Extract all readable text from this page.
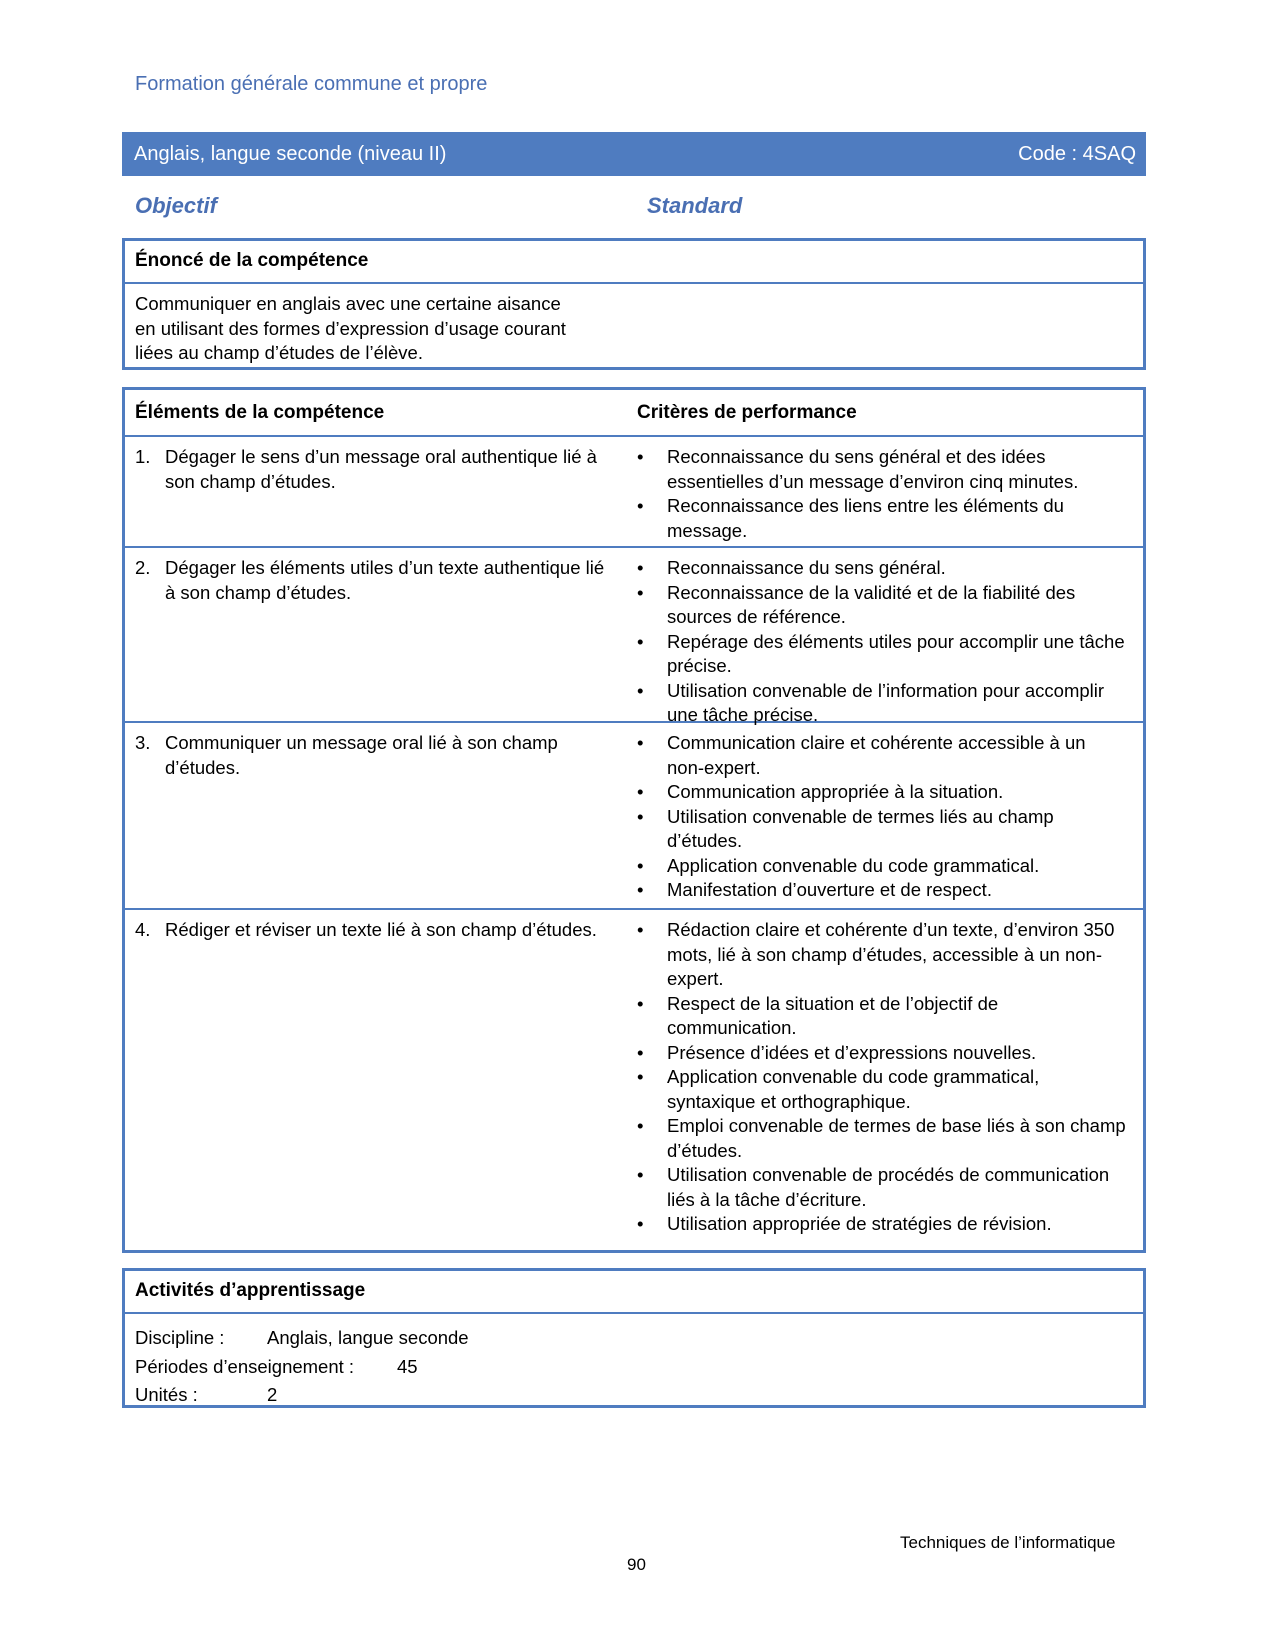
Formation générale commune et propre
Anglais, langue seconde (niveau II)	Code : 4SAQ
Objectif	Standard
Énoncé de la compétence
Communiquer en anglais avec une certaine aisance
en utilisant des formes d’expression d’usage courant
liées au champ d’études de l’élève.
Éléments de la compétence	Critères de performance
1. Dégager le sens d’un message oral authentique lié à son champ d’études.
•	Reconnaissance du sens général et des idées essentielles d’un message d’environ cinq minutes.
•	Reconnaissance des liens entre les éléments du message.
2. Dégager les éléments utiles d’un texte authentique lié à son champ d’études.
•	Reconnaissance du sens général.
•	Reconnaissance de la validité et de la fiabilité des sources de référence.
•	Repérage des éléments utiles pour accomplir une tâche précise.
•	Utilisation convenable de l’information pour accomplir une tâche précise.
3. Communiquer un message oral lié à son champ d’études.
•	Communication claire et cohérente accessible à un non-expert.
•	Communication appropriée à la situation.
•	Utilisation convenable de termes liés au champ d’études.
•	Application convenable du code grammatical.
•	Manifestation d’ouverture et de respect.
4. Rédiger et réviser un texte lié à son champ d’études.	•	Rédaction claire et cohérente d’un texte, d’environ 350 mots, lié à son champ d’études, accessible à un non-expert.
•	Respect de la situation et de l’objectif de communication.
•	Présence d’idées et d’expressions nouvelles.
•	Application convenable du code grammatical, syntaxique et orthographique.
•	Emploi convenable de termes de base liés à son champ d’études.
•	Utilisation convenable de procédés de communication liés à la tâche d’écriture.
•	Utilisation appropriée de stratégies de révision.
Activités d’apprentissage
Discipline : Anglais, langue seconde
Périodes d’enseignement : 45
Unités :	2
Techniques de l’informatique
90
